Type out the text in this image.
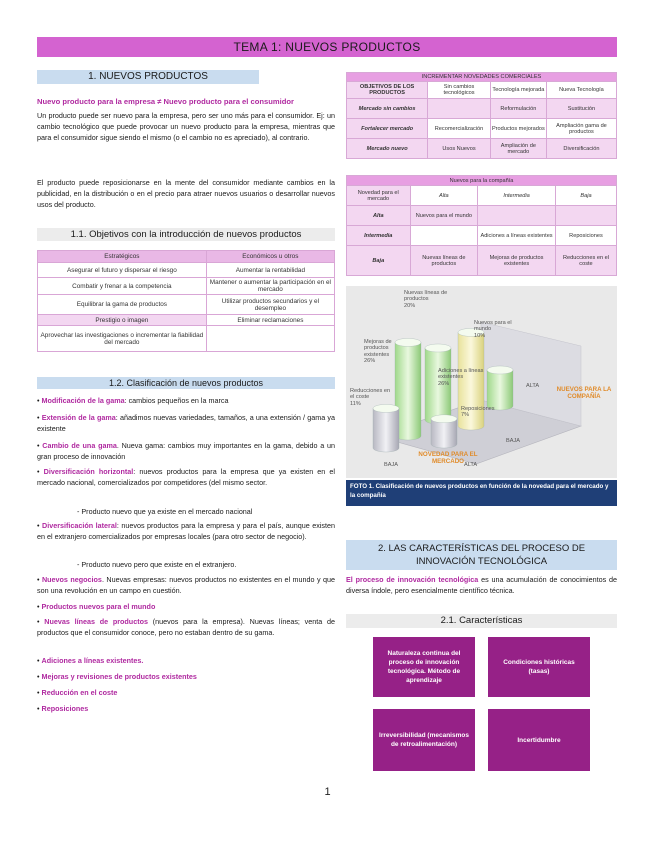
TEMA 1: NUEVOS PRODUCTOS
1. NUEVOS PRODUCTOS
Nuevo producto para la empresa ≠ Nuevo producto para el consumidor
Un producto puede ser nuevo para la empresa, pero ser uno más para el consumidor. Ej: un cambio tecnológico que puede provocar un nuevo producto para la empresa, mientras que para el consumidor sigue siendo el mismo (o el cambio no es apreciado), al contrario.
El producto puede reposicionarse en la mente del consumidor mediante cambios en la publicidad, en la distribución o en el precio para atraer nuevos usuarios o desarrollar nuevos usos del producto.
1.1. Objetivos con la introducción de nuevos productos
Estratégicos	Económicos u otros
Asegurar el futuro y dispersar el riesgo	Aumentar la rentabilidad
Combatir y frenar a la competencia	Mantener o aumentar la participación en el mercado
Equilibrar la gama de productos	Utilizar productos secundarios y el desempleo
Prestigio o imagen	Eliminar reclamaciones
Aprovechar las investigaciones o incrementar la fiabilidad del mercado	
1.2. Clasificación de nuevos productos
• Modificación de la gama: cambios pequeños en la marca
• Extensión de la gama: añadimos nuevas variedades, tamaños, a una extensión / gama ya existente
• Cambio de una gama. Nueva gama: cambios muy importantes en la gama, debido a un gran proceso de innovación
• Diversificación horizontal: nuevos productos para la empresa que ya existen en el mercado nacional, comercializados por competidores (del mismo sector.
- Producto nuevo que ya existe en el mercado nacional
• Diversificación lateral: nuevos productos para la empresa y para el país, aunque existen en el extranjero comercializados por empresas locales (para otro sector de negocio).
- Producto nuevo pero que existe en el extranjero.
• Nuevos negocios. Nuevas empresas: nuevos productos no existentes en el mundo y que son una revolución en un campo en cuestión.
• Productos nuevos para el mundo
• Nuevas líneas de productos (nuevos para la empresa). Nuevas líneas; venta de productos que el consumidor conoce, pero no estaban dentro de su gama.
• Adiciones a líneas existentes.
• Mejoras y revisiones de productos existentes
• Reducción en el coste
• Reposiciones
INCREMENTAR NOVEDADES COMERCIALES			
OBJETIVOS DE LOS PRODUCTOS	Sin cambios tecnológicos	Tecnología mejorada	Nueva Tecnología
Mercado sin cambios		Reformulación	Sustitución
Fortalecer mercado	Recomercialización	Productos mejorados	Ampliación gama de productos
Mercado nuevo	Usos Nuevos	Ampliación de mercado	Diversificación
Nuevos para la compañía			
Novedad para el mercado	Alta	Intermedia	Baja
Alta	Nuevos para el mundo		
Intermedia		Adiciones a líneas existentes	Reposiciones
Baja	Nuevas líneas de productos	Mejoras de productos existentes	Reducciones en el coste
Nuevas líneas de productos
20%
Nuevos para el mundo
10%
Mejoras de productos existentes
26%
Adiciones a líneas existentes
26%
Reducciones en el coste
11%
Reposiciones
7%
ALTA
BAJA
BAJA	ALTA
NUEVOS PARA LA COMPAÑÍA
NOVEDAD PARA EL MERCADO
FOTO 1. Clasificación de nuevos productos en función de la novedad para el mercado y la compañía
2. LAS CARACTERÍSTICAS DEL PROCESO DE INNOVACIÓN TECNOLÓGICA
El proceso de innovación tecnológica es una acumulación de conocimientos de diversa índole, pero esencialmente científico técnica.
2.1. Características
Naturaleza continua del proceso de innovación tecnológica. Método de aprendizaje
Condiciones históricas (tasas)
Irreversibilidad (mecanismos de retroalimentación)
Incertidumbre
1
